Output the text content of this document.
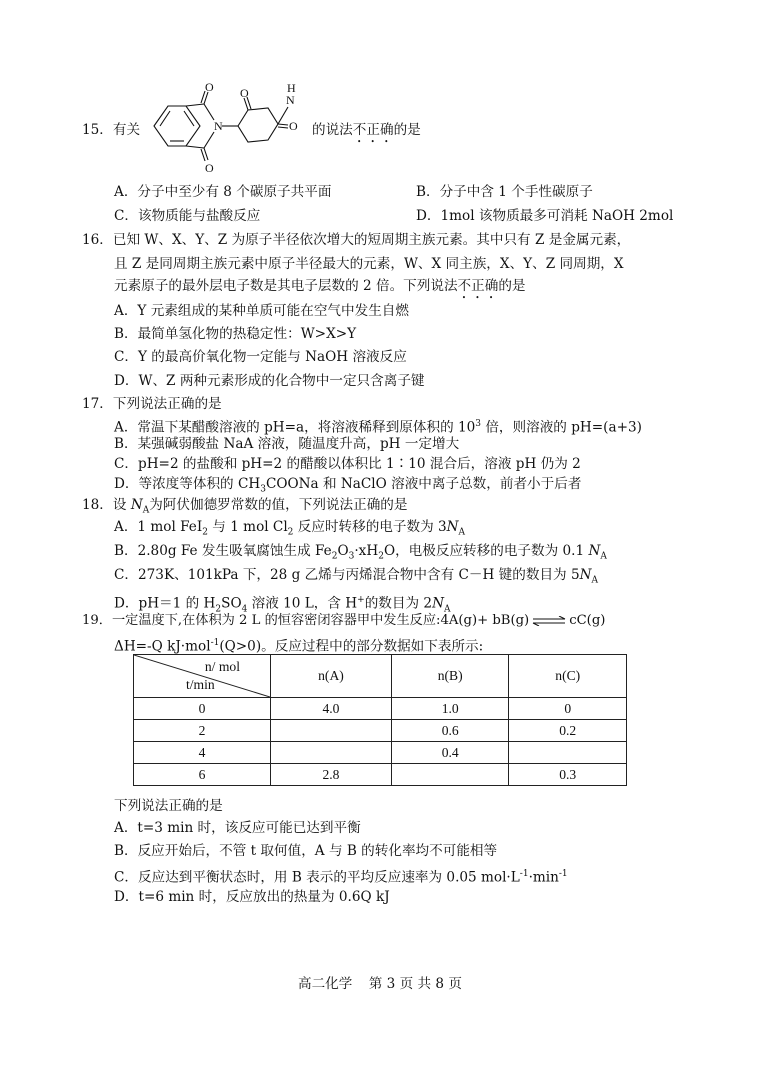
15．有关
O
N
O
O	H
N
O 的说法不正确的是
A．分子中至少有 8 个碳原子共平面	B．分子中含 1 个手性碳原子
C．该物质能与盐酸反应	D．1mol 该物质最多可消耗 NaOH 2mol
16．已知 W、X、Y、Z 为原子半径依次增大的短周期主族元素。其中只有 Z 是金属元素，
且 Z 是同周期主族元素中原子半径最大的元素，W、X 同主族，X、Y、Z 同周期，X
元素原子的最外层电子数是其电子层数的 2 倍。下列说法不正确的是
A．Y 元素组成的某种单质可能在空气中发生自燃
B．最简单氢化物的热稳定性：W>X>Y
C．Y 的最高价氧化物一定能与 NaOH 溶液反应
D．W、Z 两种元素形成的化合物中一定只含离子键
17．下列说法正确的是
A．常温下某醋酸溶液的 pH=a，将溶液稀释到原体积的 $10^3$ 倍，则溶液的 pH=(a+3)
B．某强碱弱酸盐 NaA 溶液，随温度升高，pH 一定增大
C．pH=2 的盐酸和 pH=2 的醋酸以体积比 1∶10 混合后，溶液 pH 仍为 2
D．等浓度等体积的 $CH_3COONa$ 和 NaClO 溶液中离子总数，前者小于后者
18．设 $N_A$为阿伏伽德罗常数的值，下列说法正确的是
A．1 mol FeI$_2$ 与 1 mol $Cl_2$ 反应时转移的电子数为 $3N_A$
B．2.80g Fe 发生吸氧腐蚀生成 $Fe_2O_3\cdot xH_2O$，电极反应转移的电子数为 0.1 $N_A$
C．273K、101kPa 下，28 g 乙烯与丙烯混合物中含有 C－H 键的数目为 $5N_A$
D．pH＝1 的 $H_2SO_4$ 溶液 10 L，含 H+的数目为 $2N_A$
19．一定温度下,在体积为 2 L 的恒容密闭容器甲中发生反应:4A(g)+ bB(g) ⇌ cC(g)
ΔH=-Q kJ·mol$^{-1}$(Q>0)。反应过程中的部分数据如下表所示:
n/ mol
t/min	n(A)	n(B)	n(C)
0	4.0	1.0	0
2		0.6	0.2
4		0.4	
6	2.8		0.3
下列说法正确的是
A．t=3 min 时，该反应可能已达到平衡
B．反应开始后，不管 t 取何值，A 与 B 的转化率均不可能相等
C．反应达到平衡状态时，用 B 表示的平均反应速率为 0.05 $mol\cdot L^{-1}\cdot\min^{-1}$
D．t=6 min 时，反应放出的热量为 0.6Q kJ
高二化学 第 3 页 共 8 页
